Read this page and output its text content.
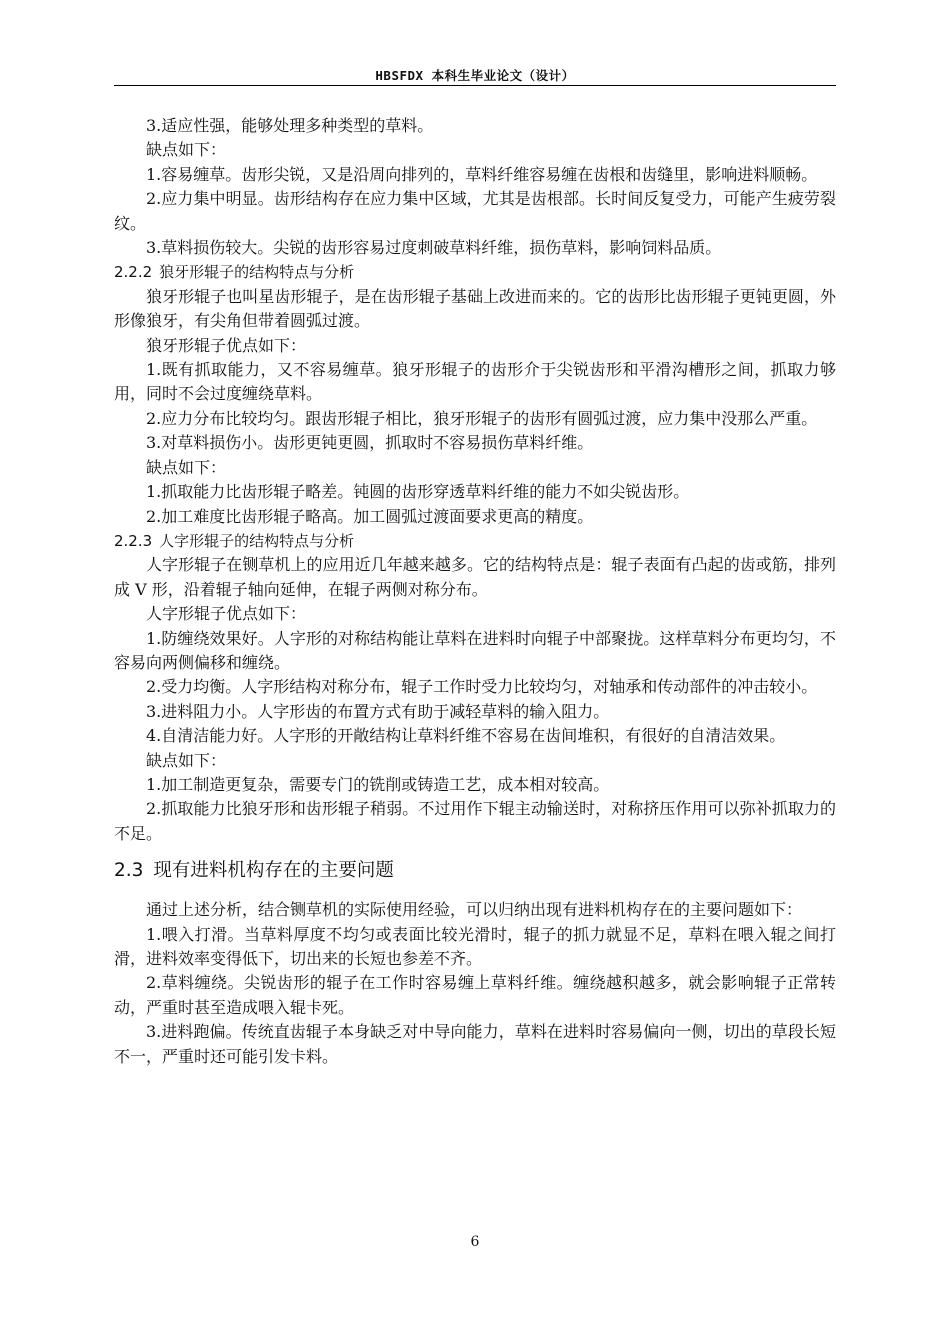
HBSFDX 本科生毕业论文（设计）

3.适应性强，能够处理多种类型的草料。

缺点如下：

1.容易缠草。齿形尖锐，又是沿周向排列的，草料纤维容易缠在齿根和齿缝里，影响进料顺畅。

2.应力集中明显。齿形结构存在应力集中区域，尤其是齿根部。长时间反复受力，可能产生疲劳裂纹。

3.草料损伤较大。尖锐的齿形容易过度刺破草料纤维，损伤草料，影响饲料品质。

2.2.2 狼牙形辊子的结构特点与分析

狼牙形辊子也叫星齿形辊子，是在齿形辊子基础上改进而来的。它的齿形比齿形辊子更钝更圆，外形像狼牙，有尖角但带着圆弧过渡。

狼牙形辊子优点如下：

1.既有抓取能力，又不容易缠草。狼牙形辊子的齿形介于尖锐齿形和平滑沟槽形之间，抓取力够用，同时不会过度缠绕草料。

2.应力分布比较均匀。跟齿形辊子相比，狼牙形辊子的齿形有圆弧过渡，应力集中没那么严重。

3.对草料损伤小。齿形更钝更圆，抓取时不容易损伤草料纤维。

缺点如下：

1.抓取能力比齿形辊子略差。钝圆的齿形穿透草料纤维的能力不如尖锐齿形。

2.加工难度比齿形辊子略高。加工圆弧过渡面要求更高的精度。

2.2.3 人字形辊子的结构特点与分析

人字形辊子在铡草机上的应用近几年越来越多。它的结构特点是：辊子表面有凸起的齿或筋，排列成 V 形，沿着辊子轴向延伸，在辊子两侧对称分布。

人字形辊子优点如下：

1.防缠绕效果好。人字形的对称结构能让草料在进料时向辊子中部聚拢。这样草料分布更均匀，不容易向两侧偏移和缠绕。

2.受力均衡。人字形结构对称分布，辊子工作时受力比较均匀，对轴承和传动部件的冲击较小。

3.进料阻力小。人字形齿的布置方式有助于减轻草料的输入阻力。

4.自清洁能力好。人字形的开敞结构让草料纤维不容易在齿间堆积，有很好的自清洁效果。

缺点如下：

1.加工制造更复杂，需要专门的铣削或铸造工艺，成本相对较高。

2.抓取能力比狼牙形和齿形辊子稍弱。不过用作下辊主动输送时，对称挤压作用可以弥补抓取力的不足。

2.3 现有进料机构存在的主要问题

通过上述分析，结合铡草机的实际使用经验，可以归纳出现有进料机构存在的主要问题如下：

1.喂入打滑。当草料厚度不均匀或表面比较光滑时，辊子的抓力就显不足，草料在喂入辊之间打滑，进料效率变得低下，切出来的长短也参差不齐。

2.草料缠绕。尖锐齿形的辊子在工作时容易缠上草料纤维。缠绕越积越多，就会影响辊子正常转动，严重时甚至造成喂入辊卡死。

3.进料跑偏。传统直齿辊子本身缺乏对中导向能力，草料在进料时容易偏向一侧，切出的草段长短不一，严重时还可能引发卡料。

6
